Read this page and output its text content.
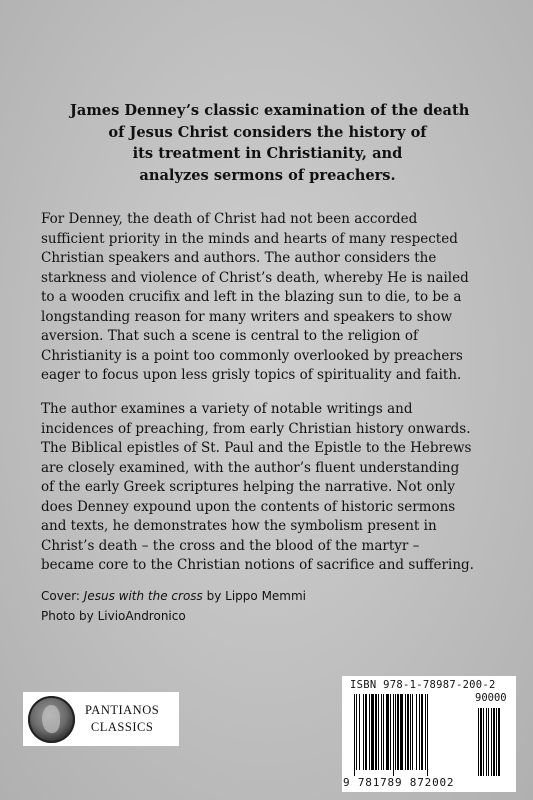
James Denney’s classic examination of the death
of Jesus Christ considers the history of
its treatment in Christianity, and
analyzes sermons of preachers.
For Denney, the death of Christ had not been accorded
sufficient priority in the minds and hearts of many respected
Christian speakers and authors. The author considers the
starkness and violence of Christ’s death, whereby He is nailed
to a wooden crucifix and left in the blazing sun to die, to be a
longstanding reason for many writers and speakers to show
aversion. That such a scene is central to the religion of
Christianity is a point too commonly overlooked by preachers
eager to focus upon less grisly topics of spirituality and faith.
The author examines a variety of notable writings and
incidences of preaching, from early Christian history onwards.
The Biblical epistles of St. Paul and the Epistle to the Hebrews
are closely examined, with the author’s fluent understanding
of the early Greek scriptures helping the narrative. Not only
does Denney expound upon the contents of historic sermons
and texts, he demonstrates how the symbolism present in
Christ’s death – the cross and the blood of the martyr –
became core to the Christian notions of sacrifice and suffering.
Cover: Jesus with the cross by Lippo Memmi
Photo by LivioAndronico
PANTIANOS
CLASSICS
ISBN 978-1-78987-200-2
90000
9 781789 872002
